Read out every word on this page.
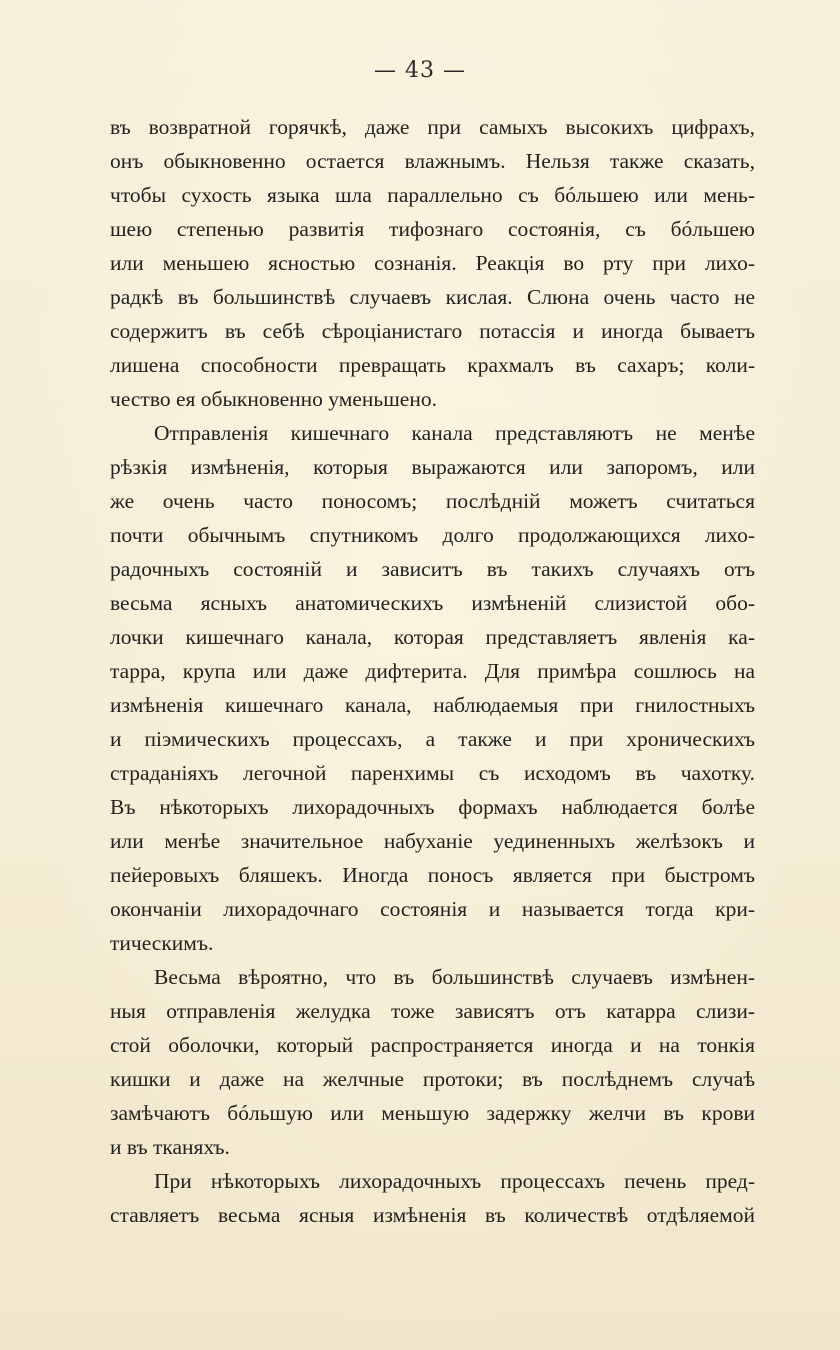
— 43 —
въ возвратной горячкѣ, даже при самыхъ высокихъ цифрахъ,
онъ обыкновенно остается влажнымъ. Нельзя также сказать,
чтобы сухость языка шла параллельно съ бóльшею или мень-
шею степенью развитія тифознаго состоянія, съ бóльшею
или меньшею ясностью сознанія. Реакція во рту при лихо-
радкѣ въ большинствѣ случаевъ кислая. Слюна очень часто не
содержитъ въ себѣ сѣроціанистаго потассія и иногда бываетъ
лишена способности превращать крахмалъ въ сахаръ; коли-
чество ея обыкновенно уменьшено.
Отправленія кишечнаго канала представляютъ не менѣе
рѣзкія измѣненія, которыя выражаются или запоромъ, или
же очень часто поносомъ; послѣдній можетъ считаться
почти обычнымъ спутникомъ долго продолжающихся лихо-
радочныхъ состояній и зависитъ въ такихъ случаяхъ отъ
весьма ясныхъ анатомическихъ измѣненій слизистой обо-
лочки кишечнаго канала, которая представляетъ явленія ка-
тарра, крупа или даже дифтерита. Для примѣра сошлюсь на
измѣненія кишечнаго канала, наблюдаемыя при гнилостныхъ
и піэмическихъ процессахъ, а также и при хроническихъ
страданіяхъ легочной паренхимы съ исходомъ въ чахотку.
Въ нѣкоторыхъ лихорадочныхъ формахъ наблюдается болѣе
или менѣе значительное набуханіе уединенныхъ желѣзокъ и
пейеровыхъ бляшекъ. Иногда поносъ является при быстромъ
окончаніи лихорадочнаго состоянія и называется тогда кри-
тическимъ.
Весьма вѣроятно, что въ большинствѣ случаевъ измѣнен-
ныя отправленія желудка тоже зависятъ отъ катарра слизи-
стой оболочки, который распространяется иногда и на тонкія
кишки и даже на желчные протоки; въ послѣднемъ случаѣ
замѣчаютъ бóльшую или меньшую задержку желчи въ крови
и въ тканяхъ.
При нѣкоторыхъ лихорадочныхъ процессахъ печень пред-
ставляетъ весьма ясныя измѣненія въ количествѣ отдѣляемой
